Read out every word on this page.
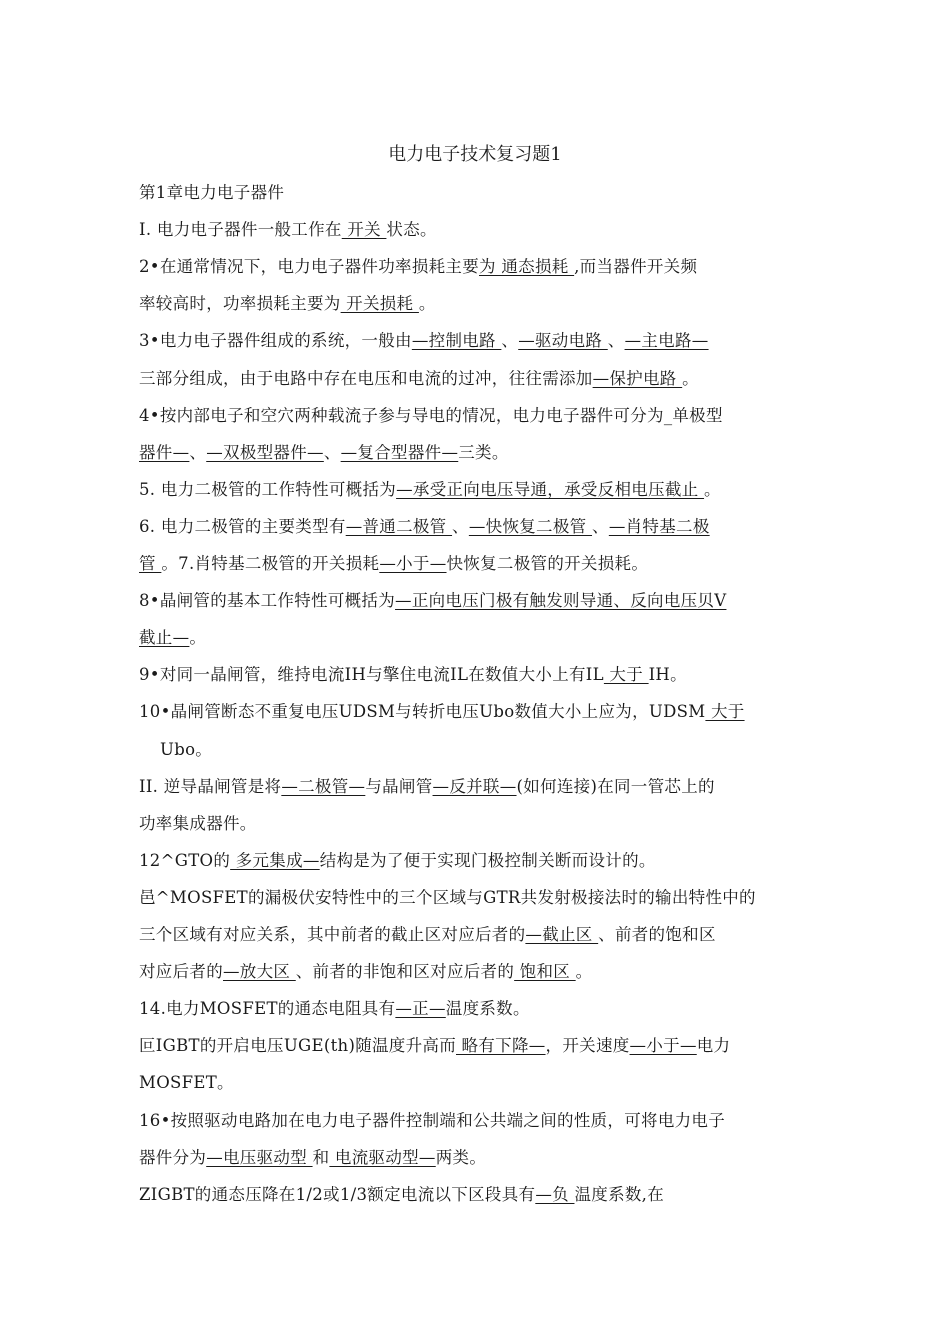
电力电子技术复习题1
第1章电力电子器件
I. 电力电子器件一般工作在 开关 状态。
2•在通常情况下，电力电子器件功率损耗主要为 通态损耗 ,而当器件开关频
率较高时，功率损耗主要为 开关损耗 。
3•电力电子器件组成的系统，一般由—控制电路 、—驱动电路 、—主电路—
三部分组成，由于电路中存在电压和电流的过冲，往往需添加—保护电路 。
4•按内部电子和空穴两种载流子参与导电的情况，电力电子器件可分为_单极型
器件—、—双极型器件—、—复合型器件—三类。
5. 电力二极管的工作特性可概括为—承受正向电压导通，承受反相电压截止 。
6. 电力二极管的主要类型有—普通二极管 、—快恢复二极管 、—肖特基二极
管 。7.肖特基二极管的开关损耗—小于—快恢复二极管的开关损耗。
8•晶闸管的基本工作特性可概括为—正向电压门极有触发则导通、反向电压贝V
截止—。
9•对同一晶闸管，维持电流IH与擎住电流IL在数值大小上有IL 大于 IH。
10•晶闸管断态不重复电压UDSM与转折电压Ubo数值大小上应为，UDSM 大于
Ubo。
II. 逆导晶闸管是将—二极管—与晶闸管—反并联—(如何连接)在同一管芯上的
功率集成器件。
12^GTO的 多元集成—结构是为了便于实现门极控制关断而设计的。
邑^MOSFET的漏极伏安特性中的三个区域与GTR共发射极接法时的输出特性中的
三个区域有对应关系，其中前者的截止区对应后者的—截止区 、前者的饱和区
对应后者的—放大区 、前者的非饱和区对应后者的 饱和区 。
14.电力MOSFET的通态电阻具有—正—温度系数。
叵IGBT的开启电压UGE(th)随温度升高而 略有下降—，开关速度—小于—电力
MOSFET。
16•按照驱动电路加在电力电子器件控制端和公共端之间的性质，可将电力电子
器件分为—电压驱动型 和 电流驱动型—两类。
ZIGBT的通态压降在1/2或1/3额定电流以下区段具有—负 温度系数,在
